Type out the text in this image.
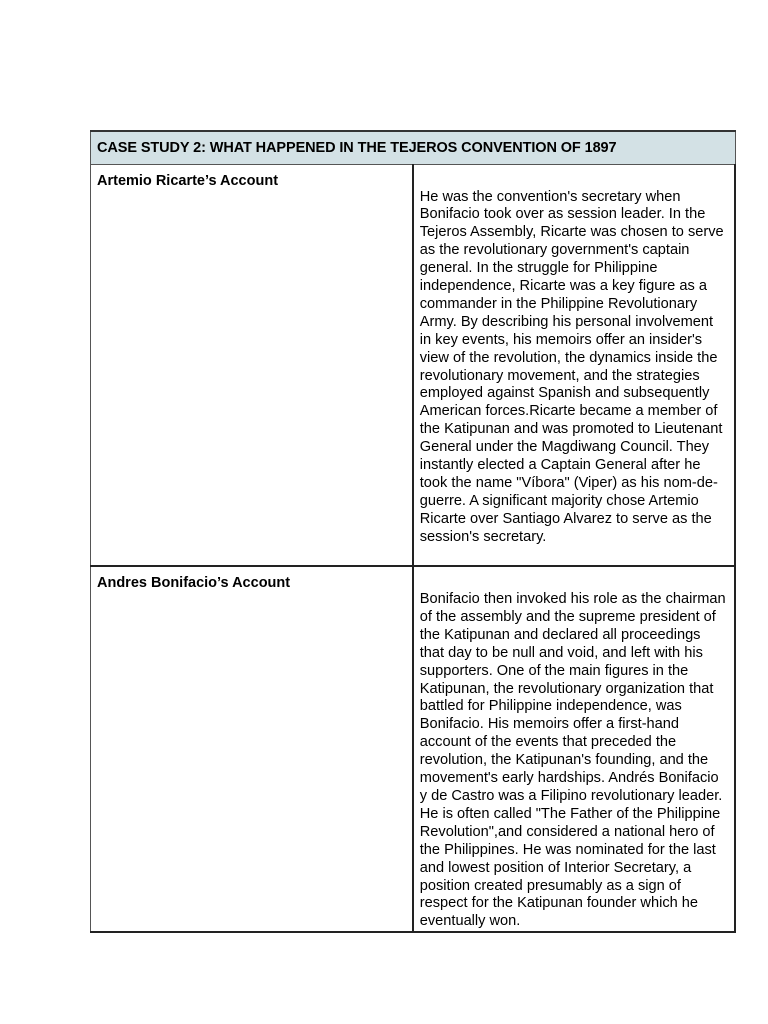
CASE STUDY 2: WHAT HAPPENED IN THE TEJEROS CONVENTION OF 1897	
Artemio Ricarte’s Account	He was the convention's secretary when Bonifacio took over as session leader. In the Tejeros Assembly, Ricarte was chosen to serve as the revolutionary government's captain general. In the struggle for Philippine independence, Ricarte was a key figure as a commander in the Philippine Revolutionary Army. By describing his personal involvement in key events, his memoirs offer an insider's view of the revolution, the dynamics inside the revolutionary movement, and the strategies employed against Spanish and subsequently American forces.Ricarte became a member of the Katipunan and was promoted to Lieutenant General under the Magdiwang Council. They instantly elected a Captain General after he took the name "Víbora" (Viper) as his nom-de-guerre. A significant majority chose Artemio Ricarte over Santiago Alvarez to serve as the session's secretary.
Andres Bonifacio’s Account	Bonifacio then invoked his role as the chairman of the assembly and the supreme president of the Katipunan and declared all proceedings that day to be null and void, and left with his supporters. One of the main figures in the Katipunan, the revolutionary organization that battled for Philippine independence, was Bonifacio. His memoirs offer a first-hand account of the events that preceded the revolution, the Katipunan's founding, and the movement's early hardships. Andrés Bonifacio y de Castro was a Filipino revolutionary leader. He is often called "The Father of the Philippine Revolution",and considered a national hero of the Philippines. He was nominated for the last and lowest position of Interior Secretary, a position created presumably as a sign of respect for the Katipunan founder which he eventually won.
